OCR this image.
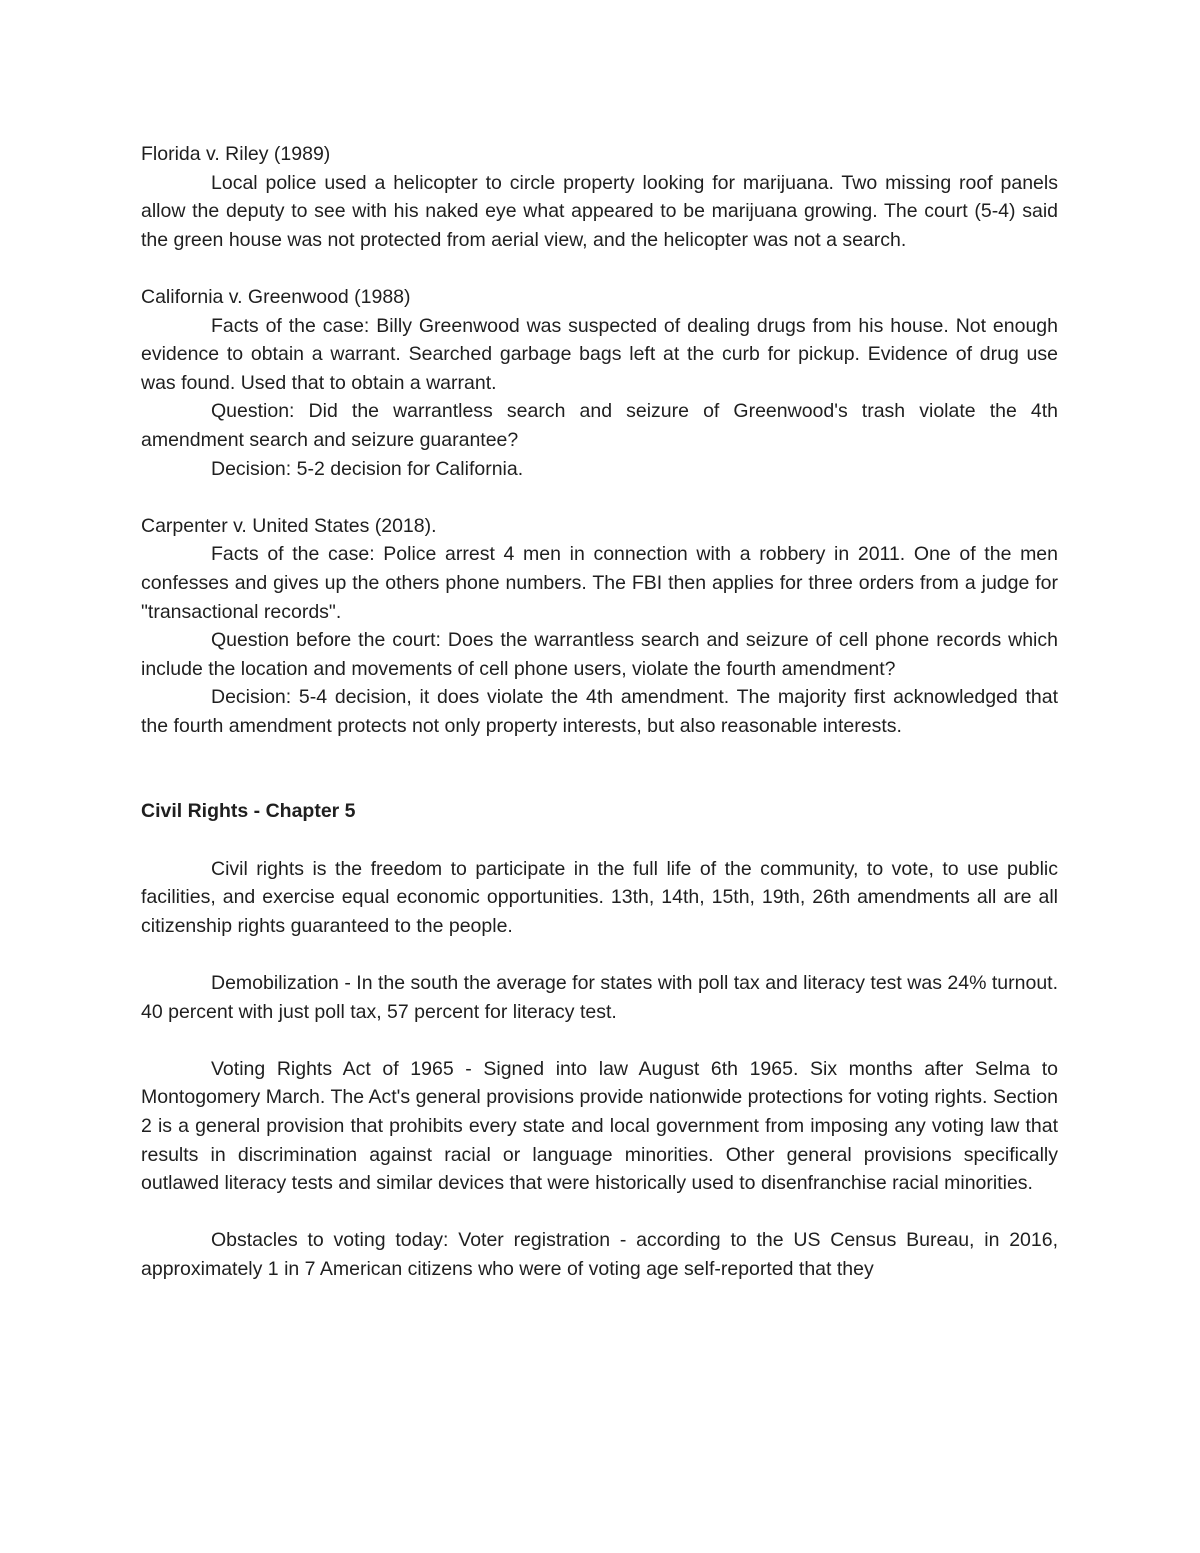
Florida v. Riley (1989)

Local police used a helicopter to circle property looking for marijuana. Two missing roof panels allow the deputy to see with his naked eye what appeared to be marijuana growing. The court (5-4) said the green house was not protected from aerial view, and the helicopter was not a search.

California v. Greenwood (1988)

Facts of the case: Billy Greenwood was suspected of dealing drugs from his house. Not enough evidence to obtain a warrant. Searched garbage bags left at the curb for pickup. Evidence of drug use was found. Used that to obtain a warrant.

Question: Did the warrantless search and seizure of Greenwood's trash violate the 4th amendment search and seizure guarantee?

Decision: 5-2 decision for California.

Carpenter v. United States (2018).

Facts of the case: Police arrest 4 men in connection with a robbery in 2011. One of the men confesses and gives up the others phone numbers. The FBI then applies for three orders from a judge for "transactional records".

Question before the court: Does the warrantless search and seizure of cell phone records which include the location and movements of cell phone users, violate the fourth amendment?

Decision: 5-4 decision, it does violate the 4th amendment. The majority first acknowledged that the fourth amendment protects not only property interests, but also reasonable interests.

Civil Rights - Chapter 5

Civil rights is the freedom to participate in the full life of the community, to vote, to use public facilities, and exercise equal economic opportunities. 13th, 14th, 15th, 19th, 26th amendments all are all citizenship rights guaranteed to the people.

Demobilization - In the south the average for states with poll tax and literacy test was 24% turnout. 40 percent with just poll tax, 57 percent for literacy test.

Voting Rights Act of 1965 - Signed into law August 6th 1965. Six months after Selma to Montogomery March. The Act's general provisions provide nationwide protections for voting rights. Section 2 is a general provision that prohibits every state and local government from imposing any voting law that results in discrimination against racial or language minorities. Other general provisions specifically outlawed literacy tests and similar devices that were historically used to disenfranchise racial minorities.

Obstacles to voting today: Voter registration - according to the US Census Bureau, in 2016, approximately 1 in 7 American citizens who were of voting age self-reported that they
